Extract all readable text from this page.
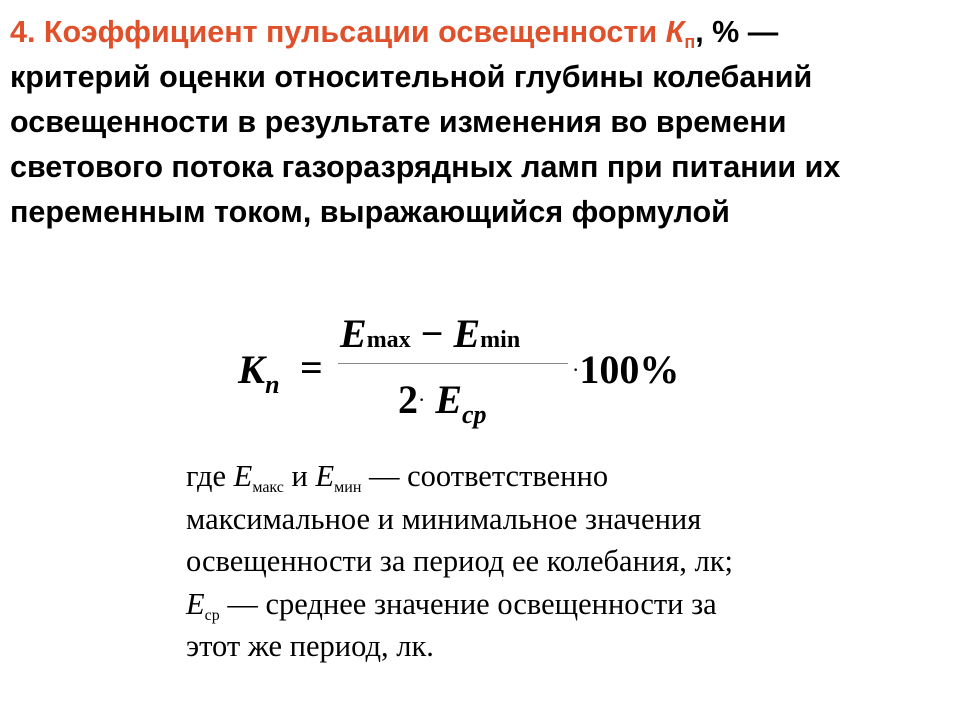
4. Коэффициент пульсации освещенности $К_п$, % —
критерий оценки относительной глубины колебаний
освещенности в результате изменения во времени
светового потока газоразрядных ламп при питании их
переменным током, выражающийся формулой
$К_п$ =
Emax − Emin
$2\cdot E_{ср}$
·100%
где $E_{макс}$ и $E_{мин}$ — соответственно
максимальное и минимальное значения
освещенности за период ее колебания, лк;
$E_{ср}$ — среднее значение освещенности за
этот же период, лк.
